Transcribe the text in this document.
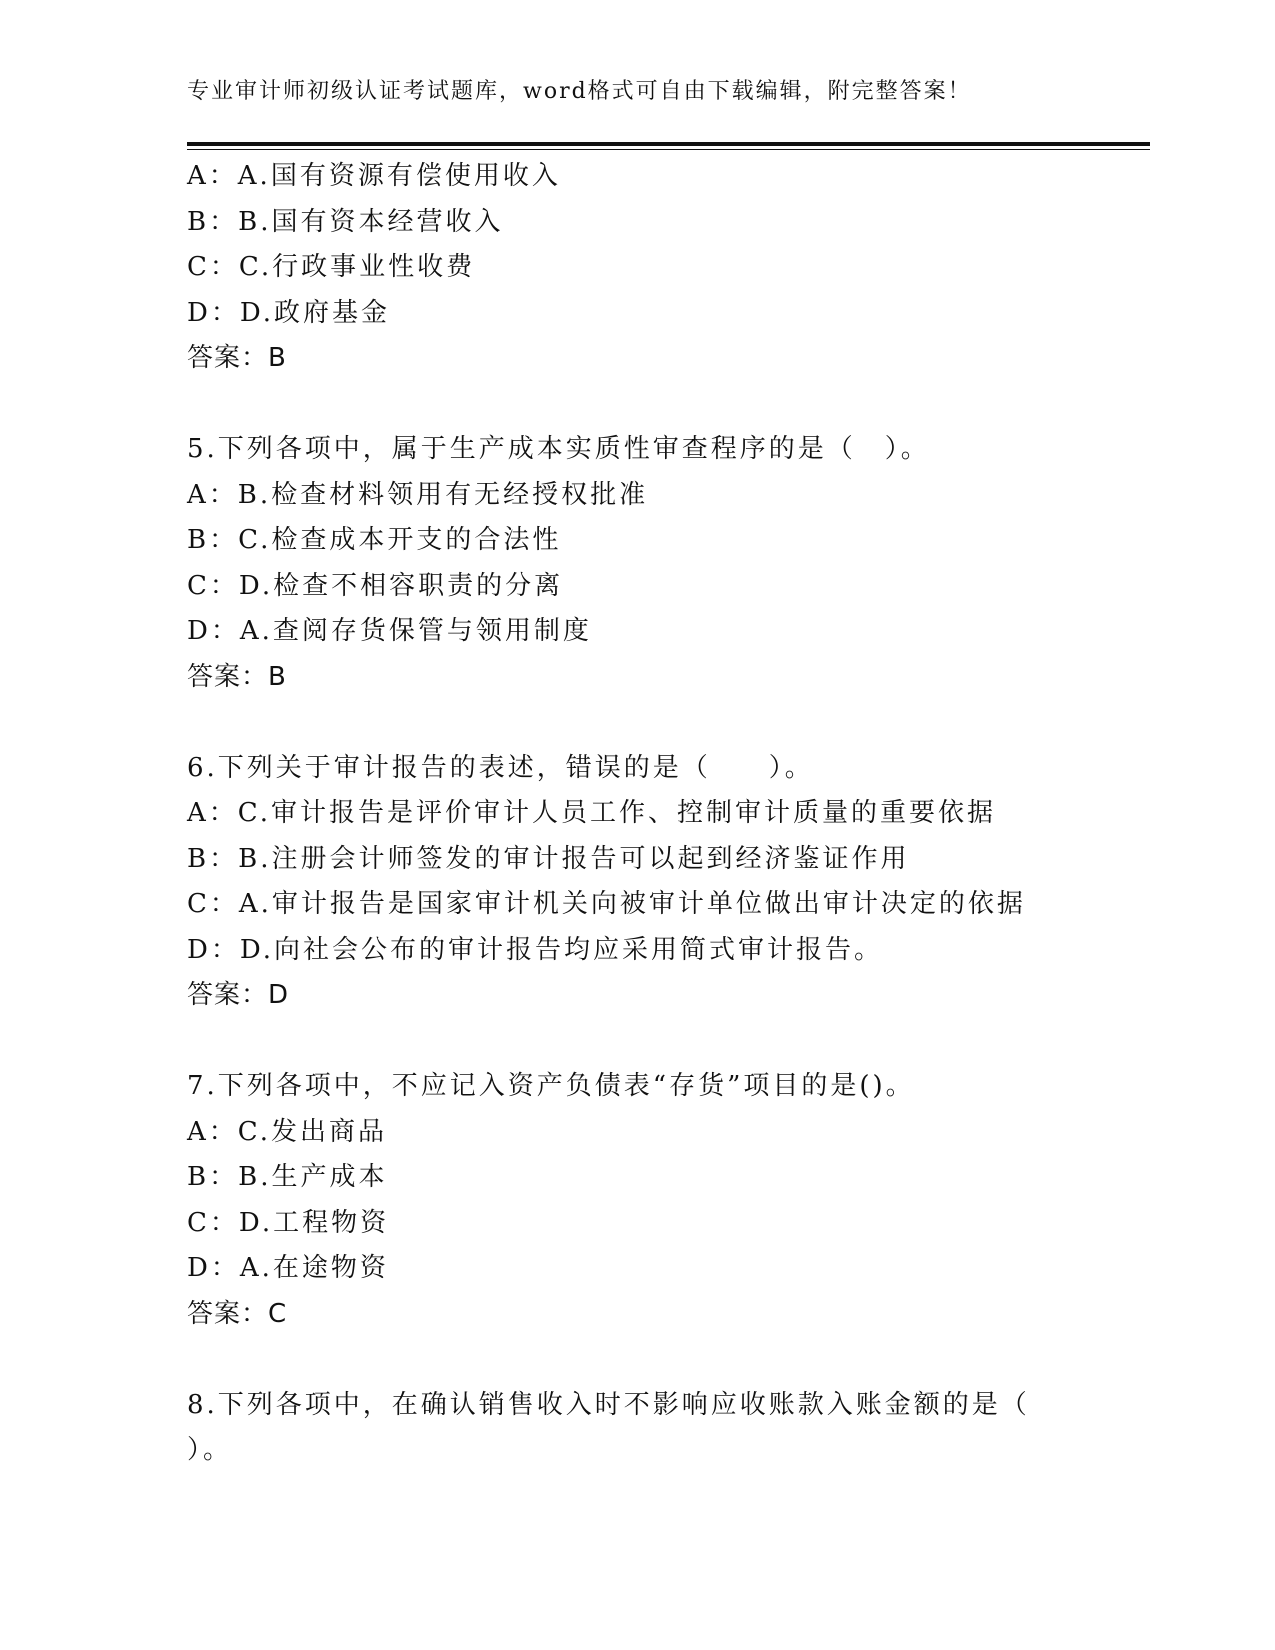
专业审计师初级认证考试题库，word格式可自由下载编辑，附完整答案！
A：A.国有资源有偿使用收入
B：B.国有资本经营收入
C：C.行政事业性收费
D：D.政府基金
答案：B
5.下列各项中，属于生产成本实质性审查程序的是（　）。
A：B.检查材料领用有无经授权批准
B：C.检查成本开支的合法性
C：D.检查不相容职责的分离
D：A.查阅存货保管与领用制度
答案：B
6.下列关于审计报告的表述，错误的是（　　）。
A：C.审计报告是评价审计人员工作、控制审计质量的重要依据
B：B.注册会计师签发的审计报告可以起到经济鉴证作用
C：A.审计报告是国家审计机关向被审计单位做出审计决定的依据
D：D.向社会公布的审计报告均应采用简式审计报告。
答案：D
7.下列各项中，不应记入资产负债表“存货”项目的是()。
A：C.发出商品
B：B.生产成本
C：D.工程物资
D：A.在途物资
答案：C
8.下列各项中，在确认销售收入时不影响应收账款入账金额的是（
）。
